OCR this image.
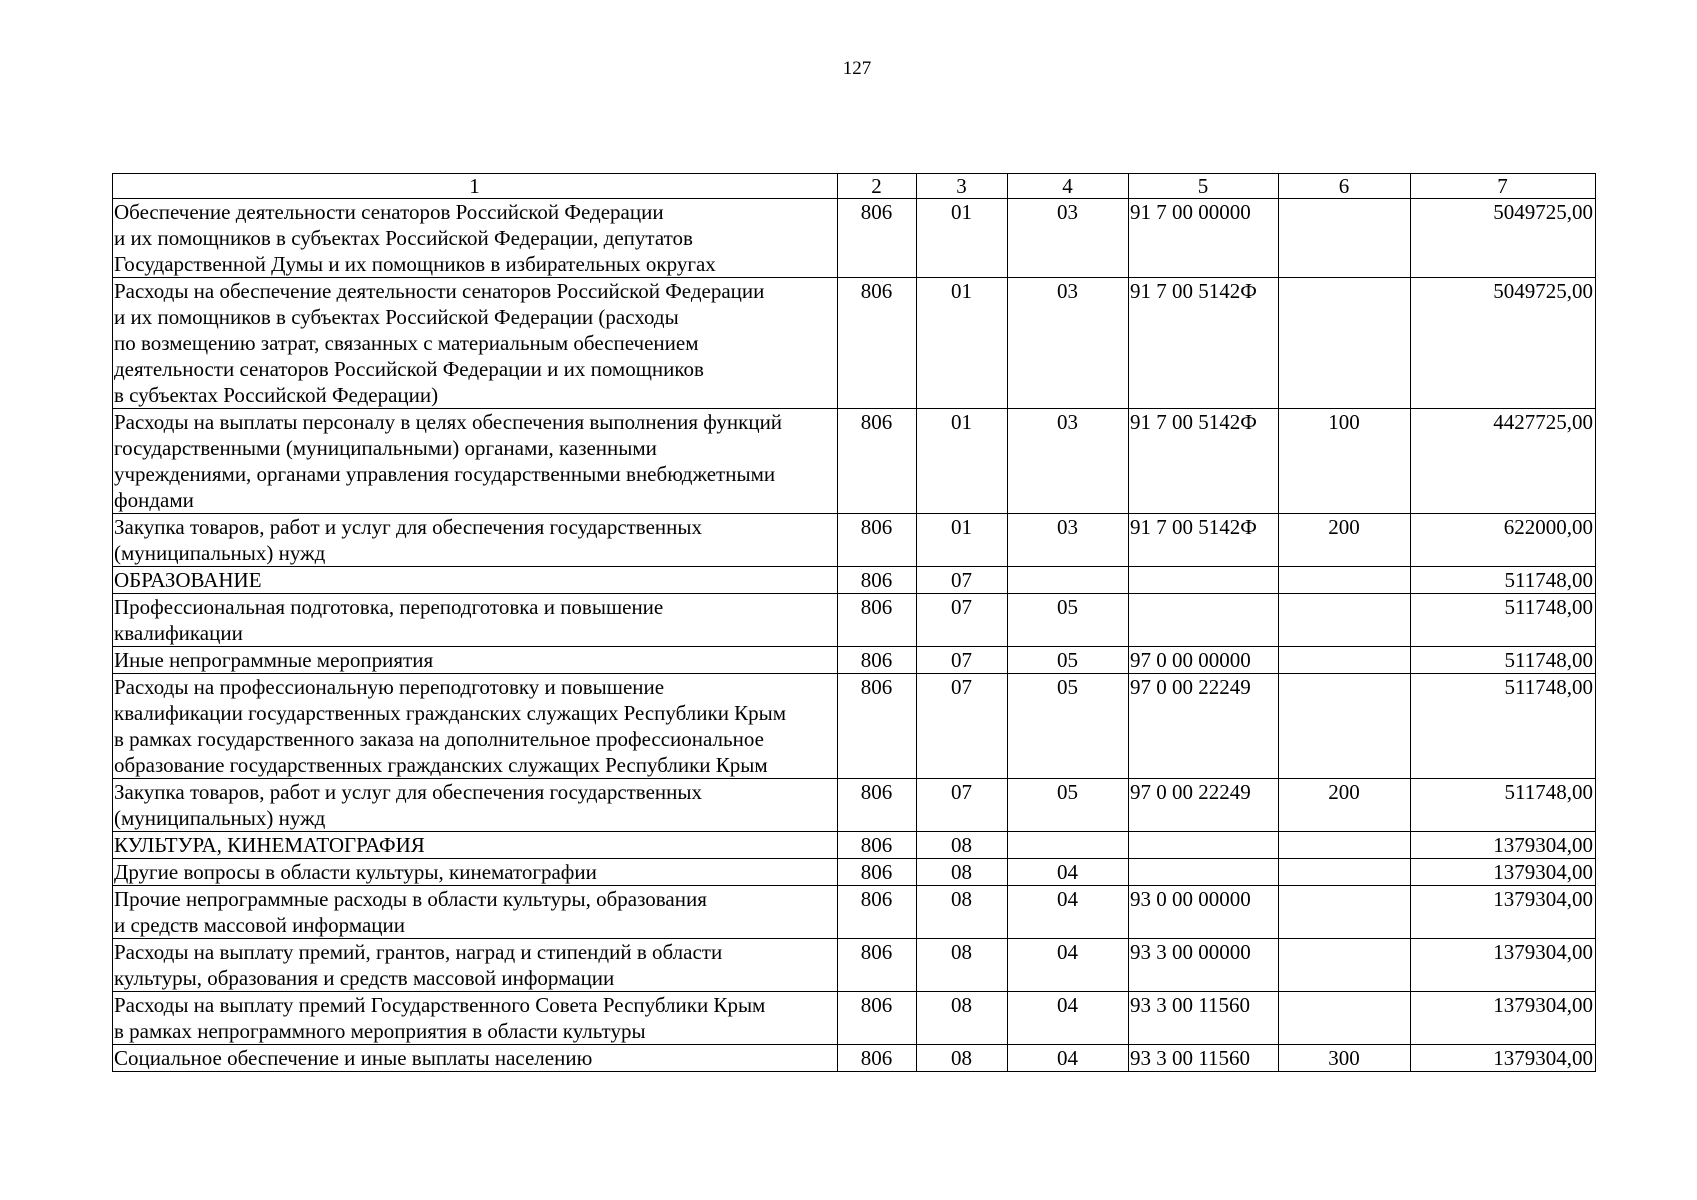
127
1	2	3	4	5	6	7
Обеспечение деятельности сенаторов Российской Федерации
и их помощников в субъектах Российской Федерации, депутатов
Государственной Думы и их помощников в избирательных округах	806	01	03	91 7 00 00000		5049725,00
Расходы на обеспечение деятельности сенаторов Российской Федерации
и их помощников в субъектах Российской Федерации (расходы
по возмещению затрат, связанных с материальным обеспечением
деятельности сенаторов Российской Федерации и их помощников
в субъектах Российской Федерации)	806	01	03	91 7 00 5142Ф		5049725,00
Расходы на выплаты персоналу в целях обеспечения выполнения функций
государственными (муниципальными) органами, казенными
учреждениями, органами управления государственными внебюджетными
фондами	806	01	03	91 7 00 5142Ф	100	4427725,00
Закупка товаров, работ и услуг для обеспечения государственных
(муниципальных) нужд	806	01	03	91 7 00 5142Ф	200	622000,00
ОБРАЗОВАНИЕ	806	07				511748,00
Профессиональная подготовка, переподготовка и повышение
квалификации	806	07	05			511748,00
Иные непрограммные мероприятия	806	07	05	97 0 00 00000		511748,00
Расходы на профессиональную переподготовку и повышение
квалификации государственных гражданских служащих Республики Крым
в рамках государственного заказа на дополнительное профессиональное
образование государственных гражданских служащих Республики Крым	806	07	05	97 0 00 22249		511748,00
Закупка товаров, работ и услуг для обеспечения государственных
(муниципальных) нужд	806	07	05	97 0 00 22249	200	511748,00
КУЛЬТУРА, КИНЕМАТОГРАФИЯ	806	08				1379304,00
Другие вопросы в области культуры, кинематографии	806	08	04			1379304,00
Прочие непрограммные расходы в области культуры, образования
и средств массовой информации	806	08	04	93 0 00 00000		1379304,00
Расходы на выплату премий, грантов, наград и стипендий в области
культуры, образования и средств массовой информации	806	08	04	93 3 00 00000		1379304,00
Расходы на выплату премий Государственного Совета Республики Крым
в рамках непрограммного мероприятия в области культуры	806	08	04	93 3 00 11560		1379304,00
Социальное обеспечение и иные выплаты населению	806	08	04	93 3 00 11560	300	1379304,00
